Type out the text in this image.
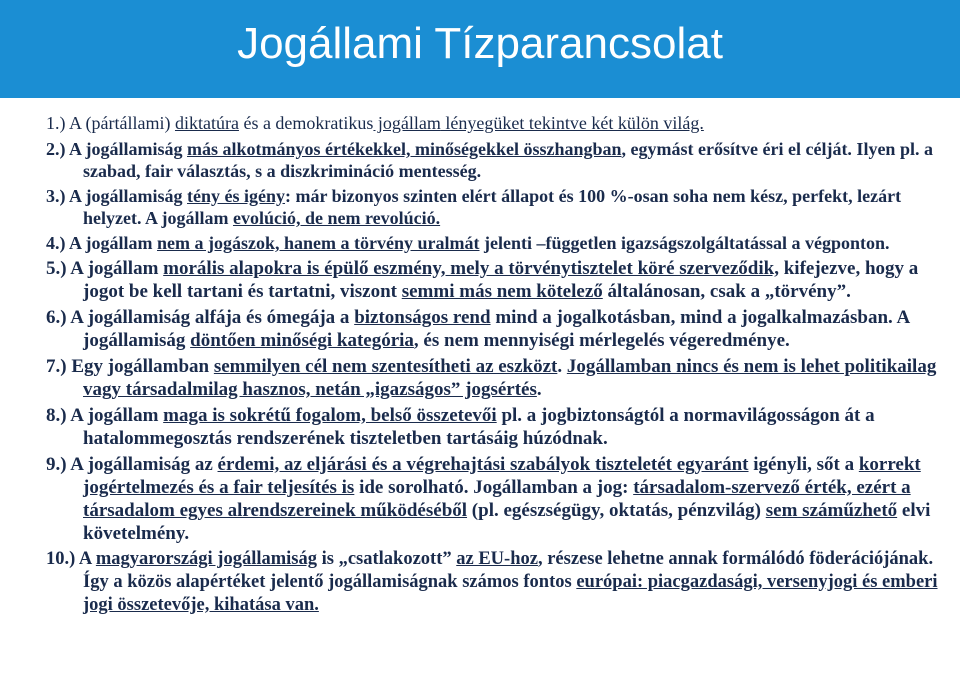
Jogállami Tízparancsolat
1.) A (pártállami) diktatúra és a demokratikus jogállam lényegüket tekintve két külön világ.
2.) A jogállamiság más alkotmányos értékekkel, minőségekkel összhangban, egymást erősítve éri el célját. Ilyen pl. a szabad, fair választás, s a diszkrimináció mentesség.
3.) A jogállamiság tény és igény: már bizonyos szinten elért állapot és 100 %-osan soha nem kész, perfekt, lezárt helyzet. A jogállam evolúció, de nem revolúció.
4.) A jogállam nem a jogászok, hanem a törvény uralmát jelenti –független igazságszolgáltatással a végponton.
5.) A jogállam morális alapokra is épülő eszmény, mely a törvénytisztelet köré szerveződik, kifejezve, hogy a jogot be kell tartani és tartatni, viszont semmi más nem kötelező általánosan, csak a „törvény”.
6.) A jogállamiság alfája és ómegája a biztonságos rend mind a jogalkotásban, mind a jogalkalmazásban. A jogállamiság döntően minőségi kategória, és nem mennyiségi mérlegelés végeredménye.
7.) Egy jogállamban semmilyen cél nem szentesítheti az eszközt. Jogállamban nincs és nem is lehet politikailag vagy társadalmilag hasznos, netán „igazságos” jogsértés.
8.) A jogállam maga is sokrétű fogalom, belső összetevői pl. a jogbiztonságtól a normavilágosságon át a hatalommegosztás rendszerének tiszteletben tartásáig húzódnak.
9.) A jogállamiság az érdemi, az eljárási és a végrehajtási szabályok tiszteletét egyaránt igényli, sőt a korrekt jogértelmezés és a fair teljesítés is ide sorolható. Jogállamban a jog: társadalom-szervező érték, ezért a társadalom egyes alrendszereinek működéséből (pl. egészségügy, oktatás, pénzvilág) sem száműzhető elvi követelmény.
10.) A magyarországi jogállamiság is „csatlakozott” az EU-hoz, részese lehetne annak formálódó föderációjának. Így a közös alapértéket jelentő jogállamiságnak számos fontos európai: piacgazdasági, versenyjogi és emberi jogi összetevője, kihatása van.
